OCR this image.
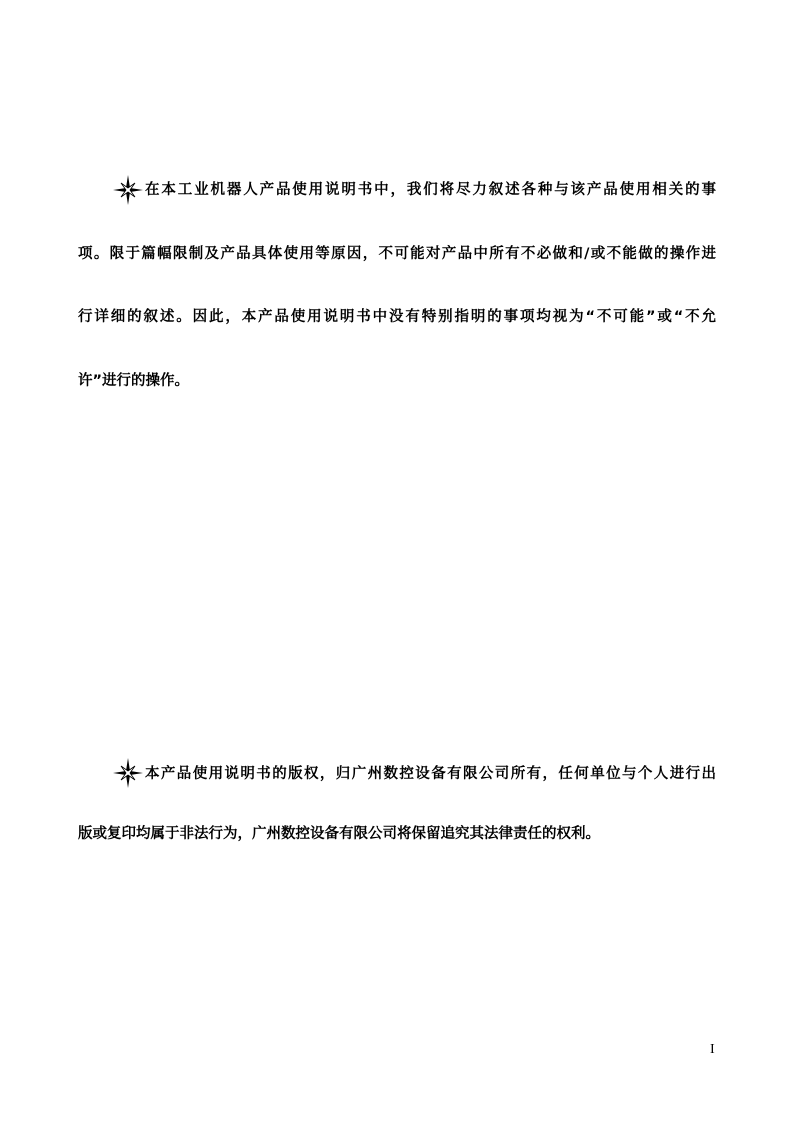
在本工业机器人产品使用说明书中，我们将尽力叙述各种与该产品使用相关的事
项。限于篇幅限制及产品具体使用等原因，不可能对产品中所有不必做和/或不能做的操作进
行详细的叙述。因此，本产品使用说明书中没有特别指明的事项均视为“不可能”或“不允
许”进行的操作。
本产品使用说明书的版权，归广州数控设备有限公司所有，任何单位与个人进行出
版或复印均属于非法行为，广州数控设备有限公司将保留追究其法律责任的权利。
I
